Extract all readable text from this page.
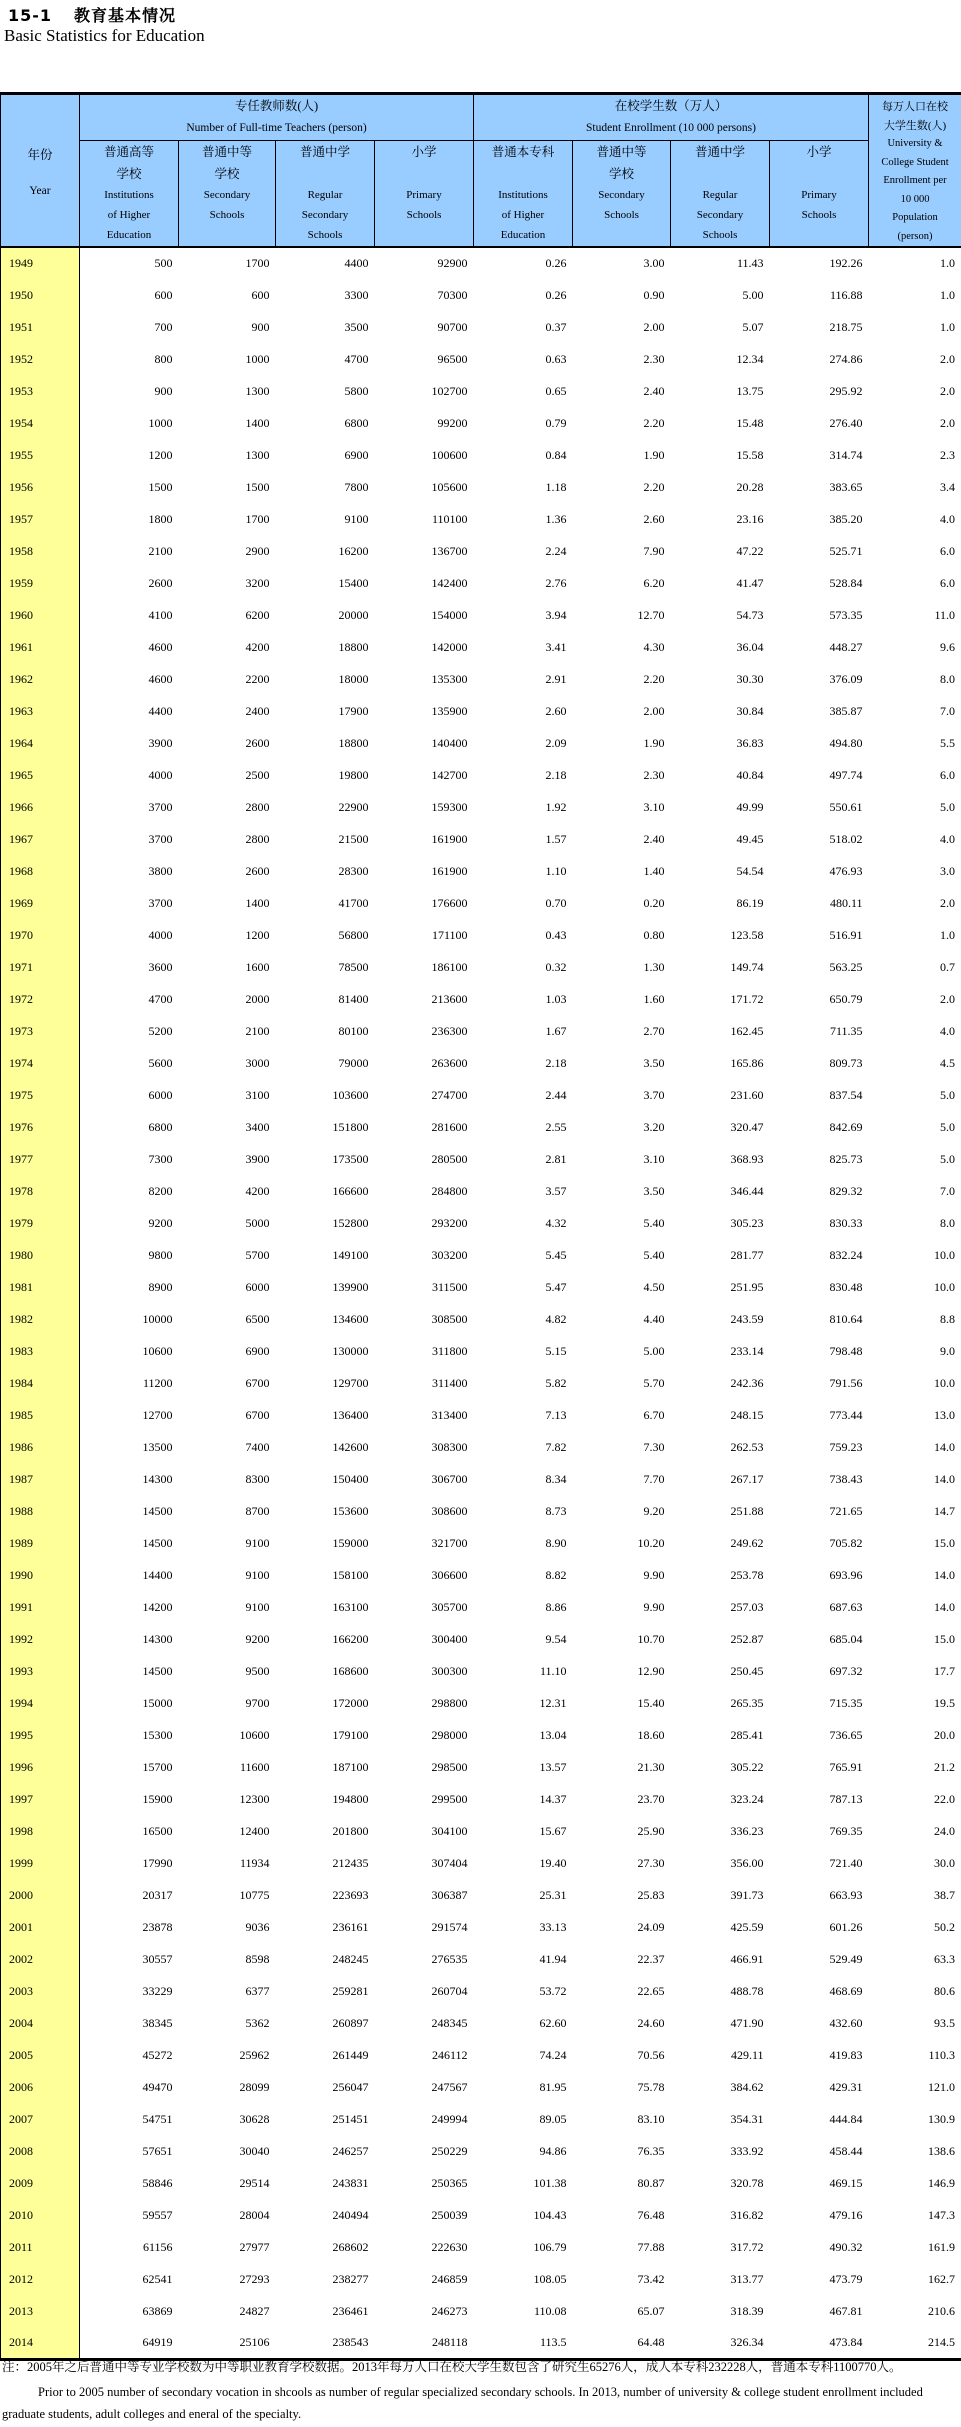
15-1 教育基本情况
Basic Statistics for Education
年份
Year

专任教师数(人)
Number of Full-time Teachers (person)

在校学生数（万人）
Student Enrollment (10 000 persons)

每万人口在校
大学生数(人)
University &
College Student
Enrollment per
10 000
Population
(person)

普通高等
学校
Institutions
of Higher
Education

普通中等
学校
Secondary
Schools

普通中学
Regular
Secondary
Schools

小学
Primary
Schools

普通本专科
Institutions
of Higher
Education

普通中等
学校
Secondary
Schools

普通中学
Regular
Secondary
Schools

小学
Primary
Schools

1949	500	1700	4400	92900	0.26	3.00	11.43	192.26	1.0
1950	600	600	3300	70300	0.26	0.90	5.00	116.88	1.0
1951	700	900	3500	90700	0.37	2.00	5.07	218.75	1.0
1952	800	1000	4700	96500	0.63	2.30	12.34	274.86	2.0
1953	900	1300	5800	102700	0.65	2.40	13.75	295.92	2.0
1954	1000	1400	6800	99200	0.79	2.20	15.48	276.40	2.0
1955	1200	1300	6900	100600	0.84	1.90	15.58	314.74	2.3
1956	1500	1500	7800	105600	1.18	2.20	20.28	383.65	3.4
1957	1800	1700	9100	110100	1.36	2.60	23.16	385.20	4.0
1958	2100	2900	16200	136700	2.24	7.90	47.22	525.71	6.0
1959	2600	3200	15400	142400	2.76	6.20	41.47	528.84	6.0
1960	4100	6200	20000	154000	3.94	12.70	54.73	573.35	11.0
1961	4600	4200	18800	142000	3.41	4.30	36.04	448.27	9.6
1962	4600	2200	18000	135300	2.91	2.20	30.30	376.09	8.0
1963	4400	2400	17900	135900	2.60	2.00	30.84	385.87	7.0
1964	3900	2600	18800	140400	2.09	1.90	36.83	494.80	5.5
1965	4000	2500	19800	142700	2.18	2.30	40.84	497.74	6.0
1966	3700	2800	22900	159300	1.92	3.10	49.99	550.61	5.0
1967	3700	2800	21500	161900	1.57	2.40	49.45	518.02	4.0
1968	3800	2600	28300	161900	1.10	1.40	54.54	476.93	3.0
1969	3700	1400	41700	176600	0.70	0.20	86.19	480.11	2.0
1970	4000	1200	56800	171100	0.43	0.80	123.58	516.91	1.0
1971	3600	1600	78500	186100	0.32	1.30	149.74	563.25	0.7
1972	4700	2000	81400	213600	1.03	1.60	171.72	650.79	2.0
1973	5200	2100	80100	236300	1.67	2.70	162.45	711.35	4.0
1974	5600	3000	79000	263600	2.18	3.50	165.86	809.73	4.5
1975	6000	3100	103600	274700	2.44	3.70	231.60	837.54	5.0
1976	6800	3400	151800	281600	2.55	3.20	320.47	842.69	5.0
1977	7300	3900	173500	280500	2.81	3.10	368.93	825.73	5.0
1978	8200	4200	166600	284800	3.57	3.50	346.44	829.32	7.0
1979	9200	5000	152800	293200	4.32	5.40	305.23	830.33	8.0
1980	9800	5700	149100	303200	5.45	5.40	281.77	832.24	10.0
1981	8900	6000	139900	311500	5.47	4.50	251.95	830.48	10.0
1982	10000	6500	134600	308500	4.82	4.40	243.59	810.64	8.8
1983	10600	6900	130000	311800	5.15	5.00	233.14	798.48	9.0
1984	11200	6700	129700	311400	5.82	5.70	242.36	791.56	10.0
1985	12700	6700	136400	313400	7.13	6.70	248.15	773.44	13.0
1986	13500	7400	142600	308300	7.82	7.30	262.53	759.23	14.0
1987	14300	8300	150400	306700	8.34	7.70	267.17	738.43	14.0
1988	14500	8700	153600	308600	8.73	9.20	251.88	721.65	14.7
1989	14500	9100	159000	321700	8.90	10.20	249.62	705.82	15.0
1990	14400	9100	158100	306600	8.82	9.90	253.78	693.96	14.0
1991	14200	9100	163100	305700	8.86	9.90	257.03	687.63	14.0
1992	14300	9200	166200	300400	9.54	10.70	252.87	685.04	15.0
1993	14500	9500	168600	300300	11.10	12.90	250.45	697.32	17.7
1994	15000	9700	172000	298800	12.31	15.40	265.35	715.35	19.5
1995	15300	10600	179100	298000	13.04	18.60	285.41	736.65	20.0
1996	15700	11600	187100	298500	13.57	21.30	305.22	765.91	21.2
1997	15900	12300	194800	299500	14.37	23.70	323.24	787.13	22.0
1998	16500	12400	201800	304100	15.67	25.90	336.23	769.35	24.0
1999	17990	11934	212435	307404	19.40	27.30	356.00	721.40	30.0
2000	20317	10775	223693	306387	25.31	25.83	391.73	663.93	38.7
2001	23878	9036	236161	291574	33.13	24.09	425.59	601.26	50.2
2002	30557	8598	248245	276535	41.94	22.37	466.91	529.49	63.3
2003	33229	6377	259281	260704	53.72	22.65	488.78	468.69	80.6
2004	38345	5362	260897	248345	62.60	24.60	471.90	432.60	93.5
2005	45272	25962	261449	246112	74.24	70.56	429.11	419.83	110.3
2006	49470	28099	256047	247567	81.95	75.78	384.62	429.31	121.0
2007	54751	30628	251451	249994	89.05	83.10	354.31	444.84	130.9
2008	57651	30040	246257	250229	94.86	76.35	333.92	458.44	138.6
2009	58846	29514	243831	250365	101.38	80.87	320.78	469.15	146.9
2010	59557	28004	240494	250039	104.43	76.48	316.82	479.16	147.3
2011	61156	27977	268602	222630	106.79	77.88	317.72	490.32	161.9
2012	62541	27293	238277	246859	108.05	73.42	313.77	473.79	162.7
2013	63869	24827	236461	246273	110.08	65.07	318.39	467.81	210.6
2014	64919	25106	238543	248118	113.5	64.48	326.34	473.84	214.5
注：2005年之后普通中等专业学校数为中等职业教育学校数据。2013年每万人口在校大学生数包含了研究生65276人，成人本专科232228人，普通本专科1100770人。
Prior to 2005 number of secondary vocation in shcools as number of regular specialized secondary schools. In 2013, number of university & college student enrollment included graduate students, adult colleges and eneral of the specialty.
